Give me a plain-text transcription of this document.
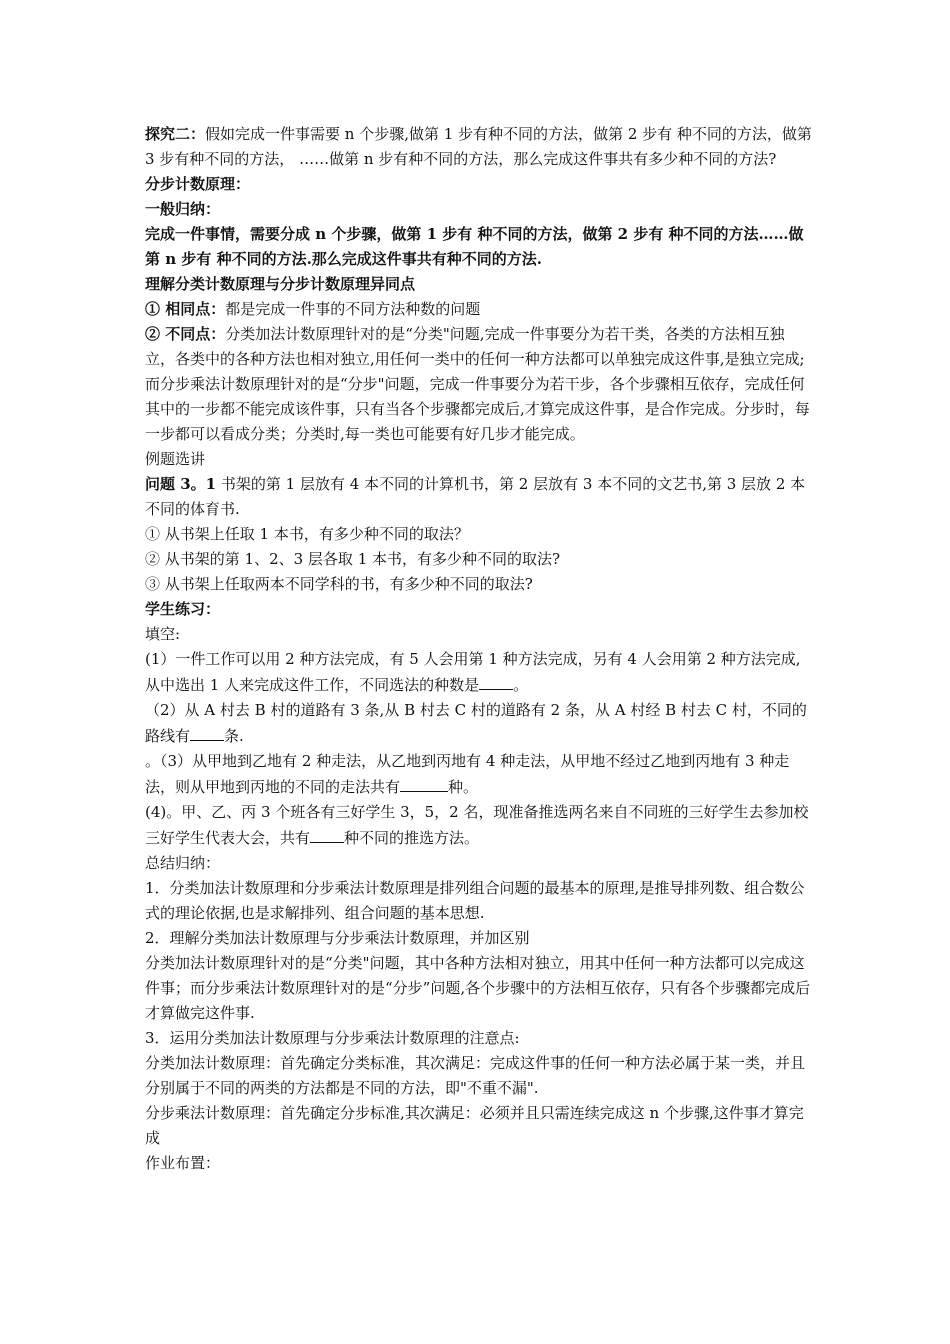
探究二：假如完成一件事需要 n 个步骤,做第 1 步有种不同的方法，做第 2 步有 种不同的方法，做第 3 步有种不同的方法， ……做第 n 步有种不同的方法，那么完成这件事共有多少种不同的方法?

分步计数原理：

一般归纳：

完成一件事情，需要分成 n 个步骤，做第 1 步有 种不同的方法，做第 2 步有 种不同的方法……做第 n 步有 种不同的方法.那么完成这件事共有种不同的方法.

理解分类计数原理与分步计数原理异同点

① 相同点：都是完成一件事的不同方法种数的问题

② 不同点：分类加法计数原理针对的是“分类"问题,完成一件事要分为若干类，各类的方法相互独立，各类中的各种方法也相对独立,用任何一类中的任何一种方法都可以单独完成这件事,是独立完成;而分步乘法计数原理针对的是“分步"问题，完成一件事要分为若干步，各个步骤相互依存，完成任何其中的一步都不能完成该件事，只有当各个步骤都完成后,才算完成这件事，是合作完成。分步时，每一步都可以看成分类；分类时,每一类也可能要有好几步才能完成。

例题选讲

问题 3。1 书架的第 1 层放有 4 本不同的计算机书，第 2 层放有 3 本不同的文艺书,第 3 层放 2 本不同的体育书.

① 从书架上任取 1 本书，有多少种不同的取法？

② 从书架的第 1、2、3 层各取 1 本书，有多少种不同的取法?

③ 从书架上任取两本不同学科的书，有多少种不同的取法?

学生练习：

填空:

(1）一件工作可以用 2 种方法完成，有 5 人会用第 1 种方法完成，另有 4 人会用第 2 种方法完成,从中选出 1 人来完成这件工作，不同选法的种数是 。

（2）从 A 村去 B 村的道路有 3 条,从 B 村去 C 村的道路有 2 条，从 A 村经 B 村去 C 村，不同的路线有 条.

。（3）从甲地到乙地有 2 种走法，从乙地到丙地有 4 种走法，从甲地不经过乙地到丙地有 3 种走法，则从甲地到丙地的不同的走法共有	种。

(4)。甲、乙、丙 3 个班各有三好学生 3，5，2 名，现准备推选两名来自不同班的三好学生去参加校三好学生代表大会，共有 种不同的推选方法。

总结归纳：

1．分类加法计数原理和分步乘法计数原理是排列组合问题的最基本的原理,是推导排列数、组合数公式的理论依据,也是求解排列、组合问题的基本思想.

2．理解分类加法计数原理与分步乘法计数原理，并加区别

分类加法计数原理针对的是“分类"问题，其中各种方法相对独立，用其中任何一种方法都可以完成这件事；而分步乘法计数原理针对的是“分步”问题,各个步骤中的方法相互依存，只有各个步骤都完成后才算做完这件事.

3．运用分类加法计数原理与分步乘法计数原理的注意点:

分类加法计数原理：首先确定分类标准，其次满足：完成这件事的任何一种方法必属于某一类，并且分别属于不同的两类的方法都是不同的方法，即"不重不漏".

分步乘法计数原理：首先确定分步标准,其次满足：必须并且只需连续完成这 n 个步骤,这件事才算完成

作业布置：
